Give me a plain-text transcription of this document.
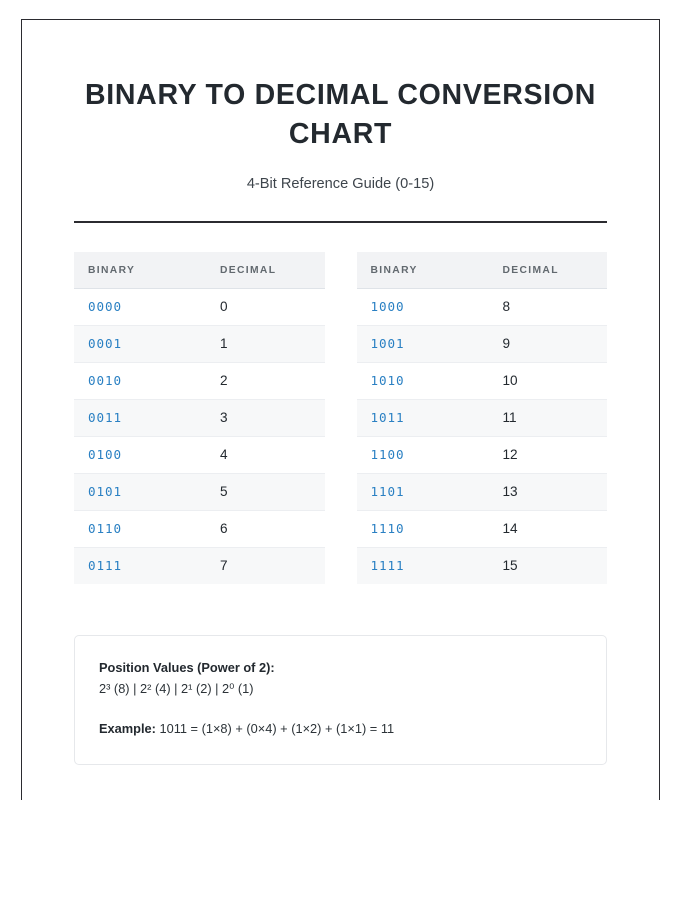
BINARY TO DECIMAL CONVERSION CHART

4-Bit Reference Guide (0-15)

BINARY	DECIMAL
0000	0
0001	1
0010	2
0011	3
0100	4
0101	5
0110	6
0111	7
BINARY	DECIMAL
1000	8
1001	9
1010	10
1011	11
1100	12
1101	13
1110	14
1111	15

Position Values (Power of 2):

2³ (8) | 2² (4) | 2¹ (2) | 2⁰ (1)

Example: 1011 = (1×8) + (0×4) + (1×2) + (1×1) = 11
